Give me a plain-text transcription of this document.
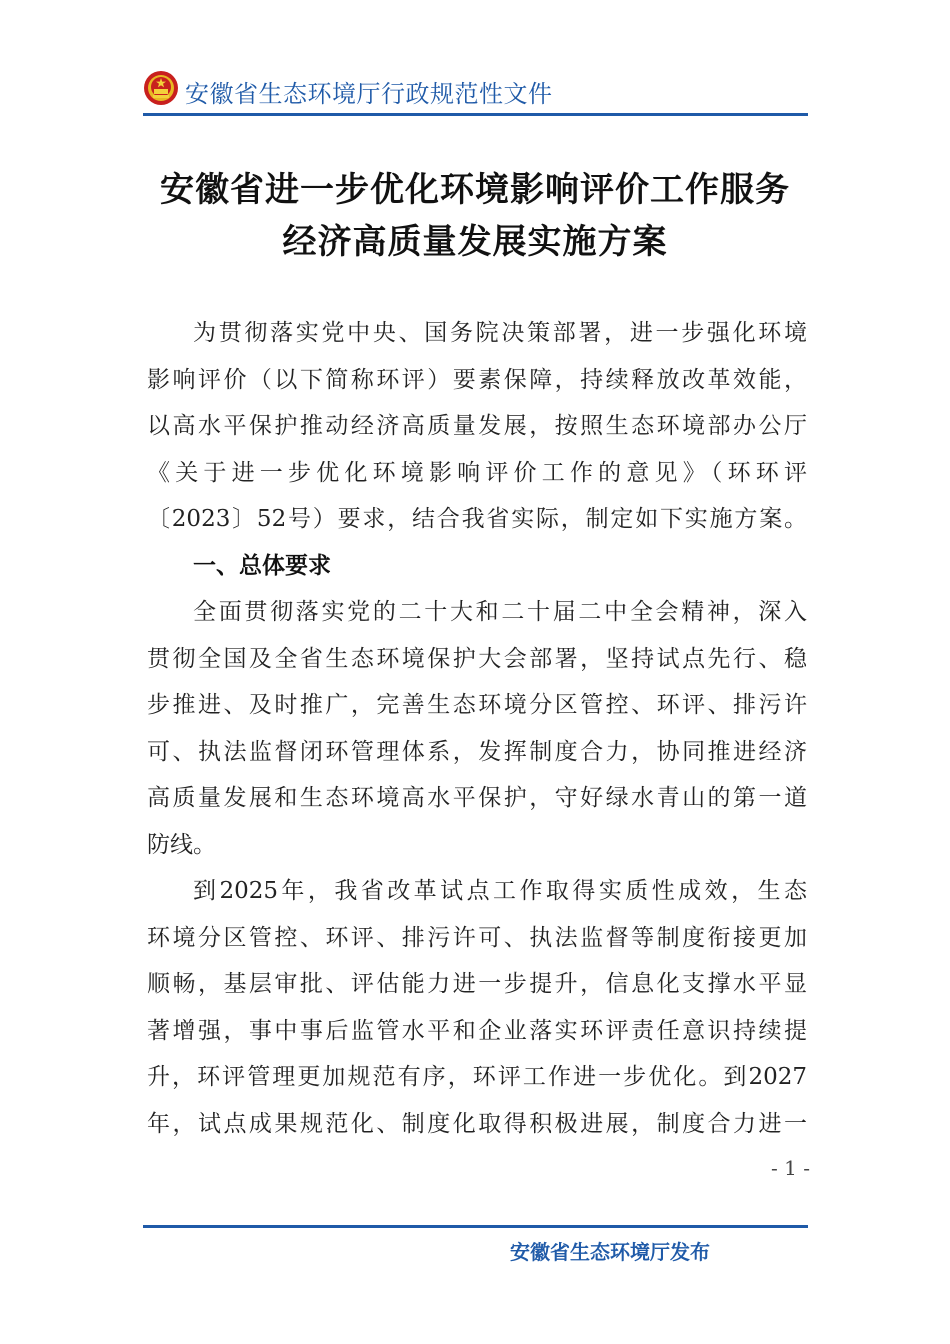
安徽省生态环境厅行政规范性文件
安徽省进一步优化环境影响评价工作服务
经济高质量发展实施方案
为贯彻落实党中央、国务院决策部署，进一步强化环境
影响评价（以下简称环评）要素保障，持续释放改革效能，
以高水平保护推动经济高质量发展，按照生态环境部办公厅
《关于进一步优化环境影响评价工作的意见》（环环评
〔2023〕52号）要求，结合我省实际，制定如下实施方案。
一、总体要求
全面贯彻落实党的二十大和二十届二中全会精神，深入
贯彻全国及全省生态环境保护大会部署，坚持试点先行、稳
步推进、及时推广，完善生态环境分区管控、环评、排污许
可、执法监督闭环管理体系，发挥制度合力，协同推进经济
高质量发展和生态环境高水平保护，守好绿水青山的第一道
防线。
到2025年，我省改革试点工作取得实质性成效，生态
环境分区管控、环评、排污许可、执法监督等制度衔接更加
顺畅，基层审批、评估能力进一步提升，信息化支撑水平显
著增强，事中事后监管水平和企业落实环评责任意识持续提
升，环评管理更加规范有序，环评工作进一步优化。到2027
年，试点成果规范化、制度化取得积极进展，制度合力进一
- 1 -
安徽省生态环境厅发布
